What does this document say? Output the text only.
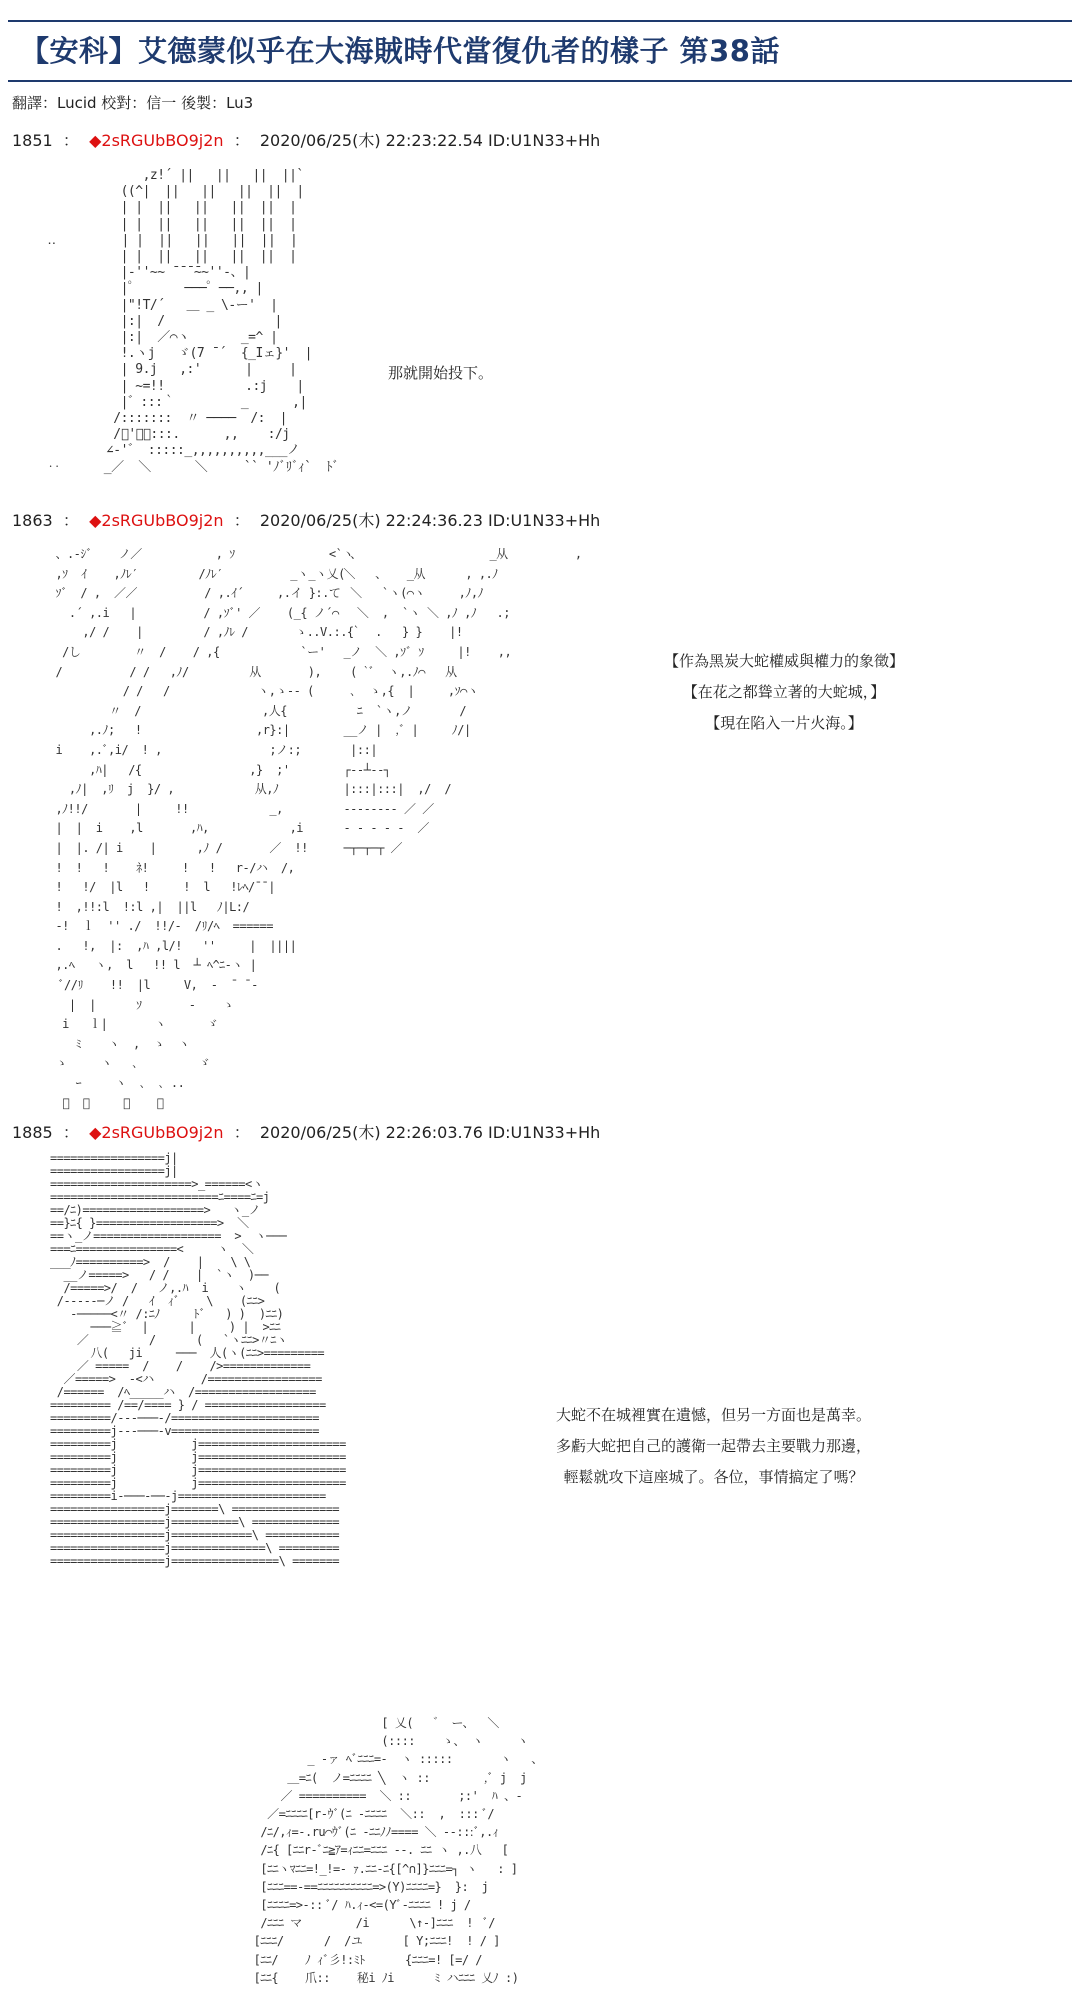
【安科】艾德蒙似乎在大海賊時代當復仇者的樣子 第38話
翻譯：Lucid 校對：信一 後製：Lu3
1851 ： ◆2sRGUbBO9j2n ：  2020/06/25(木) 22:23:22.54 ID:U1N33+Hh
,z!´ ||   ||   ||  ||`
((^|  ||   ||   ||  ||  |
| |  ||   ||   ||  ||  |
| |  ||   ||   ||  ||  |
‥         | |  ||   ||   ||  ||  |
| |  ||   ||   ||  ||  |
|‐''~~ ̄ ̄ ̄ ̄~~''‐、|
|゜      ───゜──,, |
|"!T/´   ＿ _ \‐ー'  |
|:|  /               |
|:|  ／⌒ヽ       _=^ |
!.ヽj   ゞ(7 ̄ ´  {_Iェ}'  |
| 9.j   ,:'      |     |
| ~=!!           .:j    |
|゛:::｀         _      ,|
/:::::::  〃 ────  /:  |
/ﾞ'ｰ､:::.      ,,    :/j
∠‐'゛ :::::_,,,,,,,,,,___ノ
‥      _／  ＼      ＼     `` 'ﾉﾞﾘﾞｨ`  ﾄﾞ

那就開始投下。
1863 ： ◆2sRGUbBO9j2n ：  2020/06/25(木) 22:24:36.23 ID:U1N33+Hh
、.-ｼﾞ    ノ／           , ｿ              <`ヽ
,ｿ  ｲ    ,ﾉﾚ′         /ﾉﾚ′          _ヽ_ヽ乂(
ｿﾞ  / ,  ／／          / ,.ｲ´     ,.イ }:.て
.´ ,.i   |          / ,ｿﾞ' ／    (_{ ノ´⌒
,/ /    |         / ,ﾉﾚ /       ゝ..V.:.{
/し        〃  /    / ,{            `ー'
/          / /   ,ﾉ/         从       ),
/ /   /             ヽ,ゝ-‐ (
〃  /                  ,人{
,.ﾉ;   !                 ,r}:|
i    ,.ﾞ,i/  ! ,                ;ノ:;
,ﾊ|   /{                ,}  ;'
,ﾉ|  ,ﾘ  j  }/ ,            从,ﾉ
,ﾉ!!/       |     !!            _,
|  |  i    ,l       ,ﾊ,            ,i
|  |. /| i    |      ,ﾉ /       ／  !!
!  !   !    ﾈ!     !   !   r‐/ハ  /,
!   !/  |l   !     !  l   !ﾚﾍ/¯¯|
!  ,!!:l  !:l ,|  ||l   ﾉ|L:/
-!  ｌ  '' ./  !!/-  /ﾘ/ﾍ  ======
.   !,  |:  ,ﾊ ,l/!   ''     |  ||||
,.ﾍ   ヽ,  l   !! l  ┴ ﾍ^ﾆ‐ヽ |
ﾞ//ﾘ    !!  |l     V,  -  ¯ ¯‐
|  |      ｿ       -    ゝ
i   ｌ|       ヽ      ゞ
ﾐ    ヽ  ,  ゝ  ヽ
ゝ     ヽ   ､         ゞ
ｰ     ヽ  ､  ､ ..
ﾞ  ､     ､    ､

、                   _从          ,
＼   、   _从      , ,.ﾉ
＼   `ヽ(⌒ヽ     ,ﾉ,ﾉ
＼  ,  `ヽ ＼ ,ﾉ ,ﾉ   .;
｀  .   } }    |!
_ノ  ＼ ,ｿﾞ ｿ     |!    ,,
( `ﾞ  ヽ,.ﾉ⌒   从
､  ゝ,{  |     ,ｿ⌒ヽ
ﾆ  `ヽ,ノ       /
__ノ |  ,ﾞ |     ﾉ/|
|::|
┌‐‐┴‐‐┐
|:::|:::|  ,/  /
‐‐‐‐‐‐‐‐ ／ ／
‐ ‐ ‐ ‐ ‐  ／
─┬─┬─┬ ／

【作為黑炭大蛇權威與權力的象徵】
【在花之都聳立著的大蛇城，】
【現在陷入一片火海。】
1885 ： ◆2sRGUbBO9j2n ：  2020/06/25(木) 22:26:03.76 ID:U1N33+Hh
=================j|
=================j|
=====================>_======<ヽ
=========================ﾆ====ﾆ=j
==/ﾆ)==================>   ヽ_ノ
==}ﾆ{ }==================>  ＼
==ヽ_ノ===================  >  ヽ───
===ﾆ===============<     ヽ  ＼
___ﾉ==========>  /    |    \ \
__ノ=====>   / /    |  `ヽ  )──
/=====>/  /   ノ,.ﾊ  i    ヽ    (
/‐‐‐‐‐─ノ /   ｲ  ｨﾞ    \    (ﾆﾆ>
‐─────<〃 /:ﾆﾉ     ﾄﾞ   ) )  )ﾆﾆ)
───≧ﾞ  |      |     ) |  >ﾆﾆ
／         /      (   `ヽﾆﾆ>〃ﾆヽ
八(   ji     ───  人(ヽ(ﾆﾆ>=========
／ =====  /    /    />=============
／=====>  -<ハ       /=================
/======  /ﾍ_____ハ  /==================
========= /==/==== } / ==================
=========/‐‐‐───‐/======================
=========j‐‐‐───‐v======================
=========j           j======================
=========j           j======================
=========j           j======================
=========j           j======================
=========i‐───‐──‐j======================
=================j=======\ ================
=================j==========\ =============
=================j============\ ===========
=================j==============\ =========
=================j================\ =======

大蛇不在城裡實在遺憾，但另一方面也是萬幸。
多虧大蛇把自己的護衛一起帶去主要戰力那邊，
輕鬆就攻下這座城了。各位，事情搞定了嗎？
[ 乂(   ゛ ー、  ＼
(::::    ゝ、 ヽ     ヽ
_ ‐ァ ﾍﾞﾆﾆﾆ=‐  ヽ :::::       ヽ   、
＿=ﾆ(  ノ=ﾆﾆﾆﾆ ╲  ヽ ::        ,ﾞ j  j
／ ==========  ＼ ::       ;:'  ﾊ 、-
／=ﾆﾆﾆﾆ[r‐ｳﾞ(ﾆ ‐ﾆﾆﾆﾆ  ＼::  ,  ::: ﾞ/
/ﾆ/,ｨ=‐.ru⌒ｳﾞ(ﾆ ‐ﾆﾆﾉﾉ==== ＼ ‐‐:::ﾞ,.ｨ
/ﾆ{ [ﾆﾆr‐ﾞﾆ≧ｱ=ｨﾆﾆ=ﾆﾆﾆ ‐‐. ﾆﾆ ヽ ,.八   [
[ﾆﾆヽﾏﾆﾆ=!_!=‐ ｧ.ﾆﾆ-ﾆ{[^∩]}ﾆﾆﾆ=┐ ヽ   : ]
[ﾆﾆﾆ==‐==ﾆﾆﾆﾆﾆﾆﾆﾆﾆﾆ=>(Y)ﾆﾆﾆﾆ=}  }:  j
[ﾆﾆﾆﾆ=>-:: ﾞ/ ﾊ.ｨ-<=(Yﾞ-ﾆﾆﾆﾆ ! j /
/ﾆﾆﾆ マ        /i      \↑-]ﾆﾆﾆ  !  ﾞ/
[ﾆﾆﾆ/      /  /ユ      [ Y;ﾆﾆﾆ!  ! / ]
[ﾆﾆ/    ﾉ ｨﾞ彡!:ﾐﾄ      {ﾆﾆﾆ=! [=/ /
[ﾆﾆ{    爪::    秘i ﾉi      ﾐ ハﾆﾆﾆ 乂ﾉ :)
